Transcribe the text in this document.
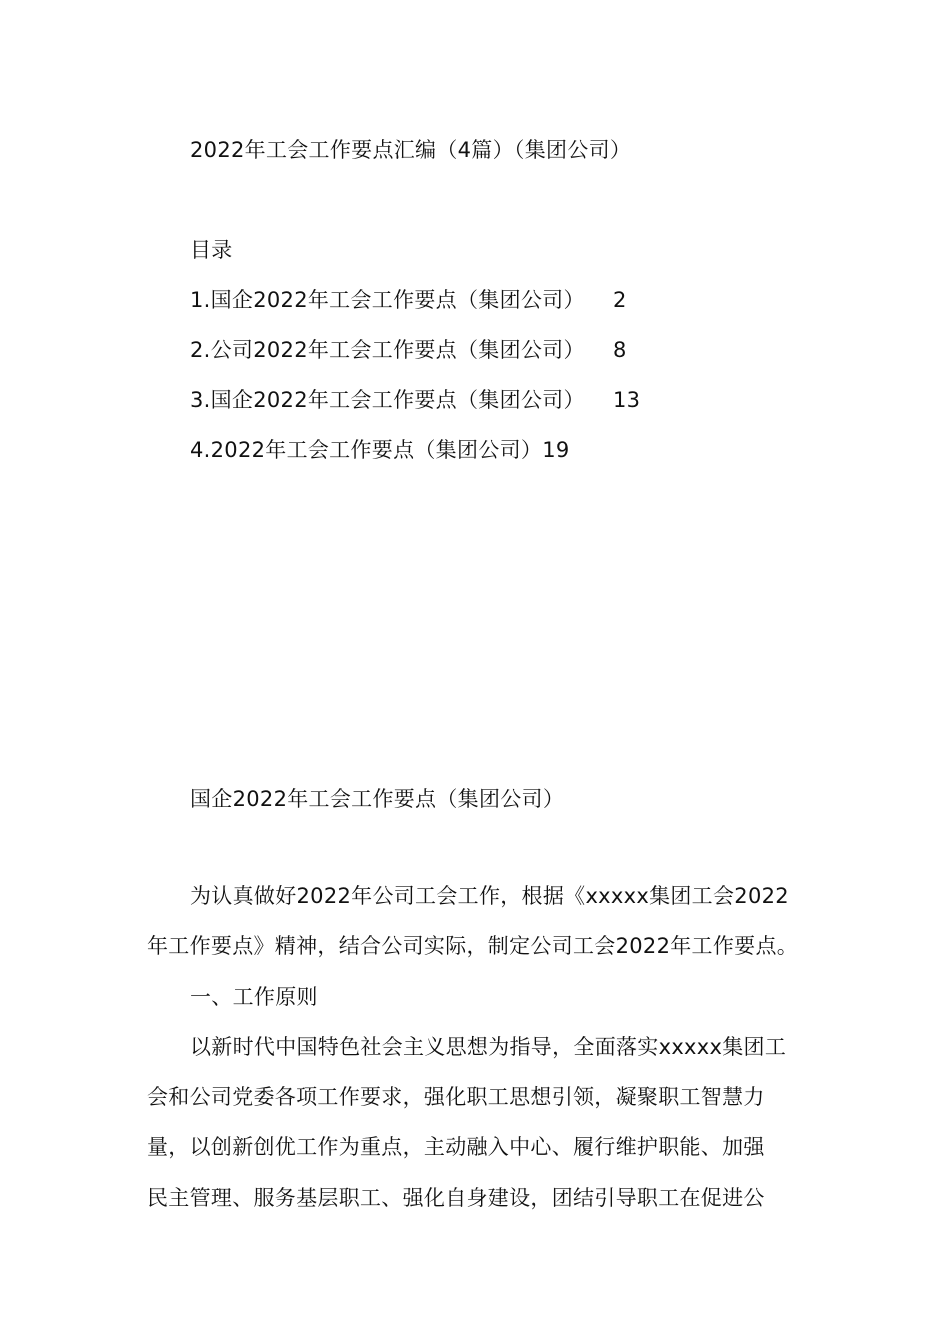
2022年工会工作要点汇编（4篇）（集团公司）
目录
1.国企2022年工会工作要点（集团公司） 2
2.公司2022年工会工作要点（集团公司） 8
3.国企2022年工会工作要点（集团公司） 13
4.2022年工会工作要点（集团公司）19
国企2022年工会工作要点（集团公司）
为认真做好2022年公司工会工作，根据《xxxxx集团工会2022
年工作要点》精神，结合公司实际，制定公司工会2022年工作要点。
一、工作原则
以新时代中国特色社会主义思想为指导，全面落实xxxxx集团工
会和公司党委各项工作要求，强化职工思想引领，凝聚职工智慧力
量，以创新创优工作为重点，主动融入中心、履行维护职能、加强
民主管理、服务基层职工、强化自身建设，团结引导职工在促进公
